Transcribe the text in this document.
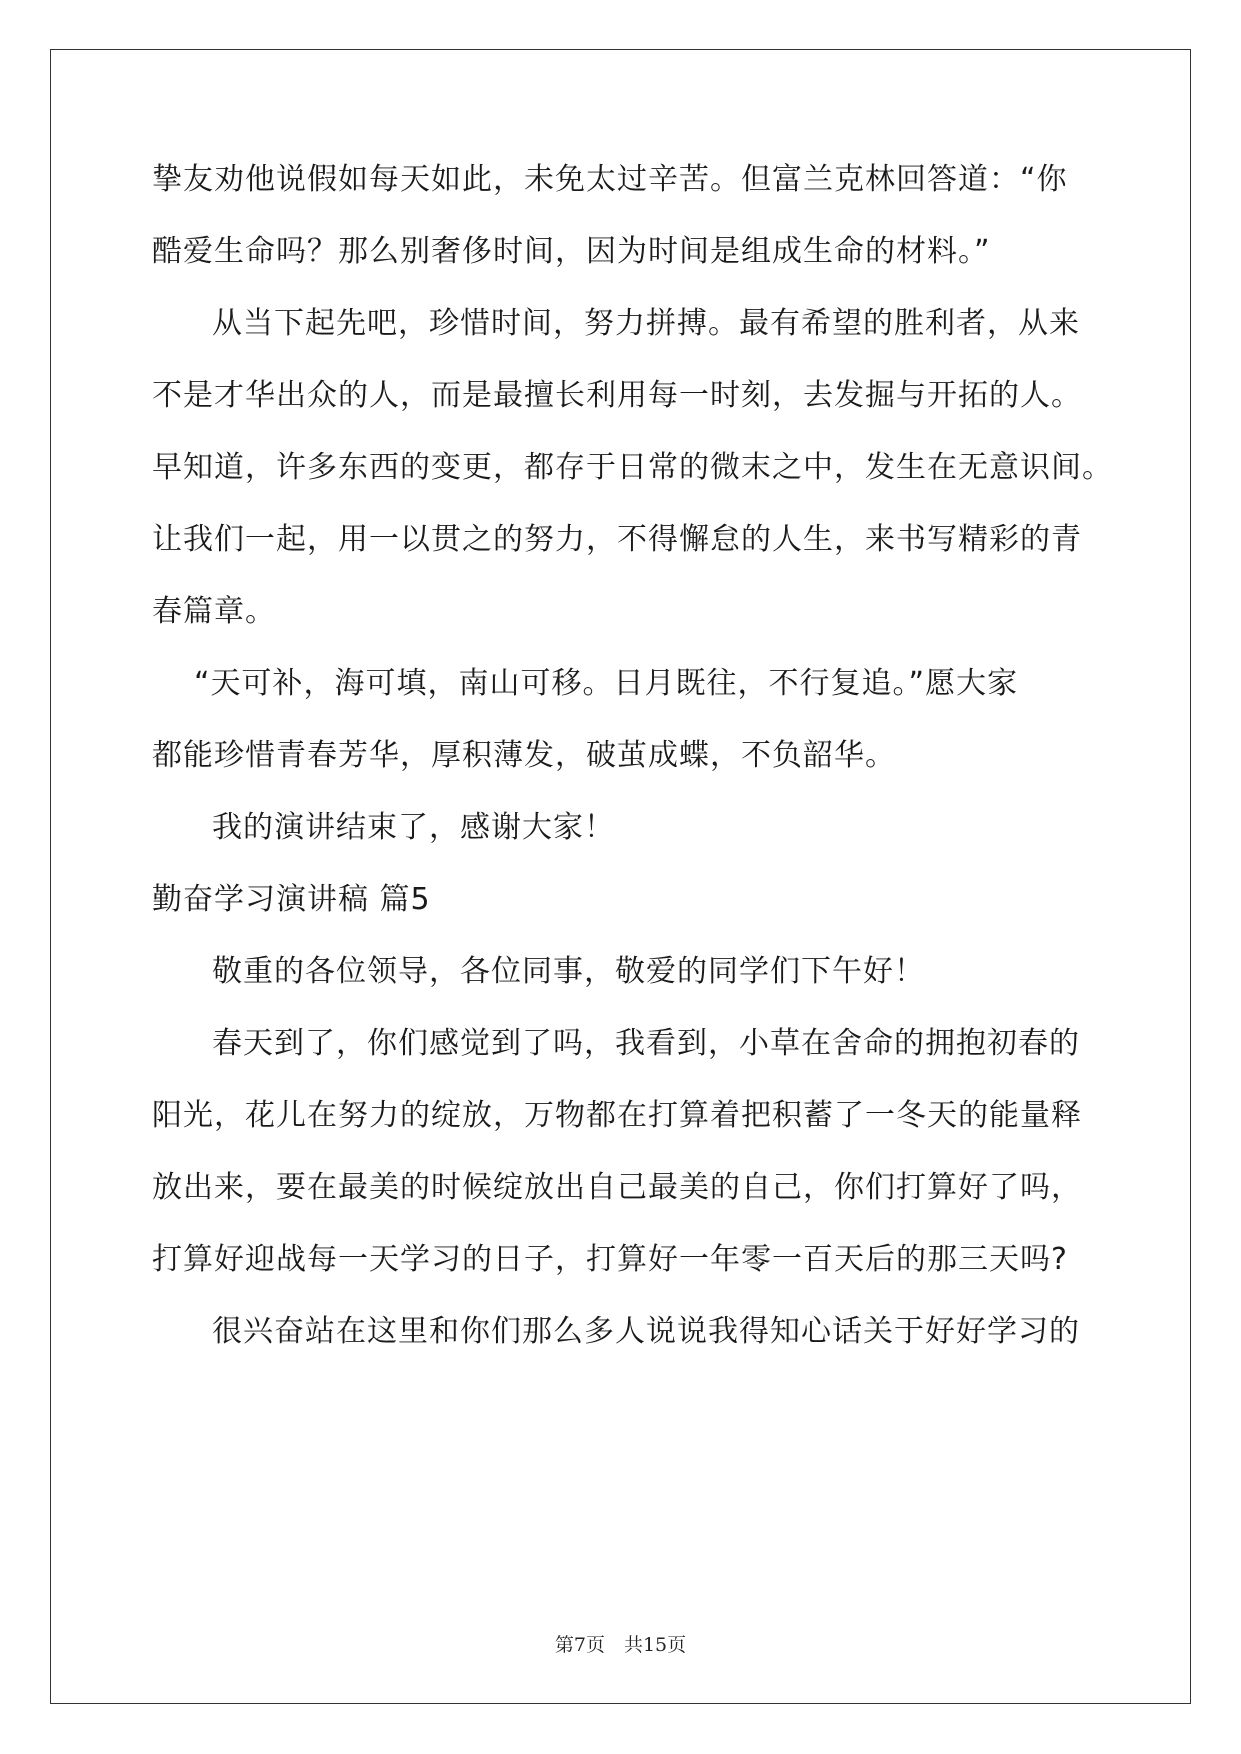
挚友劝他说假如每天如此，未免太过辛苦。但富兰克林回答道：“你
酷爱生命吗？那么别奢侈时间，因为时间是组成生命的材料。”
从当下起先吧，珍惜时间，努力拼搏。最有希望的胜利者，从来
不是才华出众的人，而是最擅长利用每一时刻，去发掘与开拓的人。
早知道，许多东西的变更，都存于日常的微末之中，发生在无意识间。
让我们一起，用一以贯之的努力，不得懈怠的人生，来书写精彩的青
春篇章。
“天可补，海可填，南山可移。日月既往，不行复追。”愿大家
都能珍惜青春芳华，厚积薄发，破茧成蝶，不负韶华。
我的演讲结束了，感谢大家！
勤奋学习演讲稿 篇5
敬重的各位领导，各位同事，敬爱的同学们下午好！
春天到了，你们感觉到了吗，我看到，小草在舍命的拥抱初春的
阳光，花儿在努力的绽放，万物都在打算着把积蓄了一冬天的能量释
放出来，要在最美的时候绽放出自己最美的自己，你们打算好了吗，
打算好迎战每一天学习的日子，打算好一年零一百天后的那三天吗?
很兴奋站在这里和你们那么多人说说我得知心话关于好好学习的
第7页　共15页
